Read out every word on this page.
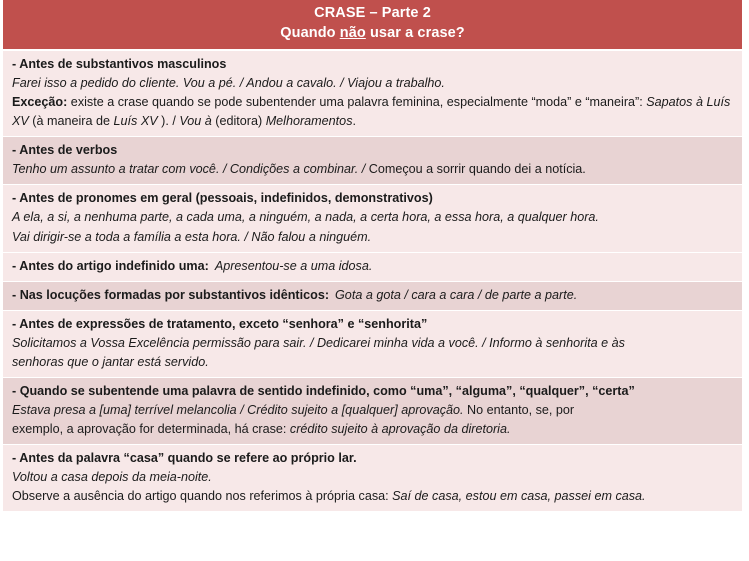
CRASE – Parte 2
Quando não usar a crase?

- Antes de substantivos masculinos

Farei isso a pedido do cliente. Vou a pé. / Andou a cavalo. / Viajou a trabalho.

Exceção: existe a crase quando se pode subentender uma palavra feminina, especialmente “moda” e “maneira”: Sapatos à Luís XV (à maneira de Luís XV ). / Vou à (editora) Melhoramentos.

- Antes de verbos

Tenho um assunto a tratar com você. / Condições a combinar. / Começou a sorrir quando dei a notícia.

- Antes de pronomes em geral (pessoais, indefinidos, demonstrativos)

A ela, a si, a nenhuma parte, a cada uma, a ninguém, a nada, a certa hora, a essa hora, a qualquer hora.

Vai dirigir-se a toda a família a esta hora. / Não falou a ninguém.

- Antes do artigo indefinido uma: Apresentou-se a uma idosa.

- Nas locuções formadas por substantivos idênticos: Gota a gota / cara a cara / de parte a parte.

- Antes de expressões de tratamento, exceto “senhora” e “senhorita”

Solicitamos a Vossa Excelência permissão para sair. / Dedicarei minha vida a você. / Informo à senhorita e às

senhoras que o jantar está servido.

- Quando se subentende uma palavra de sentido indefinido, como “uma”, “alguma”, “qualquer”, “certa”

Estava presa a [uma] terrível melancolia / Crédito sujeito a [qualquer] aprovação. No entanto, se, por

exemplo, a aprovação for determinada, há crase: crédito sujeito à aprovação da diretoria.

- Antes da palavra “casa” quando se refere ao próprio lar.

Voltou a casa depois da meia-noite.

Observe a ausência do artigo quando nos referimos à própria casa: Saí de casa, estou em casa, passei em casa.
